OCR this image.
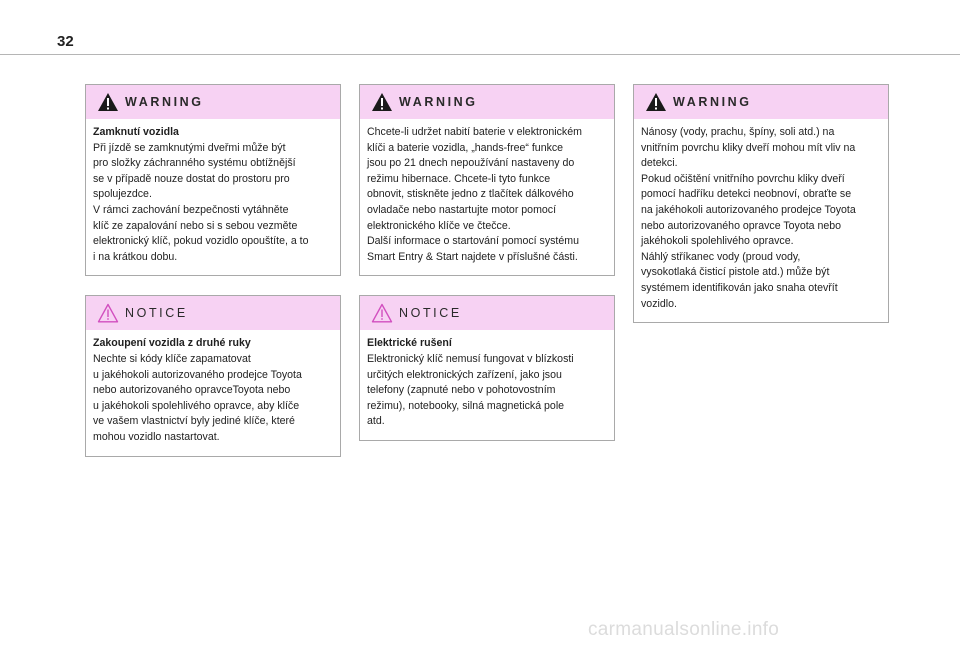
32
WARNING
Zamknutí vozidla
Při jízdě se zamknutými dveřmi může být
pro složky záchranného systému obtížnější
se v případě nouze dostat do prostoru pro
spolujezdce.
V rámci zachování bezpečnosti vytáhněte
klíč ze zapalování nebo si s sebou vezměte
elektronický klíč, pokud vozidlo opouštíte, a to
i na krátkou dobu.
NOTICE
Zakoupení vozidla z druhé ruky
Nechte si kódy klíče zapamatovat
u jakéhokoli autorizovaného prodejce Toyota
nebo autorizovaného opravceToyota nebo
u jakéhokoli spolehlivého opravce, aby klíče
ve vašem vlastnictví byly jediné klíče, které
mohou vozidlo nastartovat.
WARNING
Chcete-li udržet nabití baterie v elektronickém
klíči a baterie vozidla, „hands-free“ funkce
jsou po 21 dnech nepoužívání nastaveny do
režimu hibernace. Chcete-li tyto funkce
obnovit, stiskněte jedno z tlačítek dálkového
ovladače nebo nastartujte motor pomocí
elektronického klíče ve čtečce.
Další informace o startování pomocí systému
Smart Entry & Start najdete v příslušné části.
NOTICE
Elektrické rušení
Elektronický klíč nemusí fungovat v blízkosti
určitých elektronických zařízení, jako jsou
telefony (zapnuté nebo v pohotovostním
režimu), notebooky, silná magnetická pole
atd.
WARNING
Nánosy (vody, prachu, špíny, soli atd.) na
vnitřním povrchu kliky dveří mohou mít vliv na
detekci.
Pokud očištění vnitřního povrchu kliky dveří
pomocí hadříku detekci neobnoví, obraťte se
na jakéhokoli autorizovaného prodejce Toyota
nebo autorizovaného opravce Toyota nebo
jakéhokoli spolehlivého opravce.
Náhlý stříkanec vody (proud vody,
vysokotlaká čisticí pistole atd.) může být
systémem identifikován jako snaha otevřít
vozidlo.
carmanualsonline.info
